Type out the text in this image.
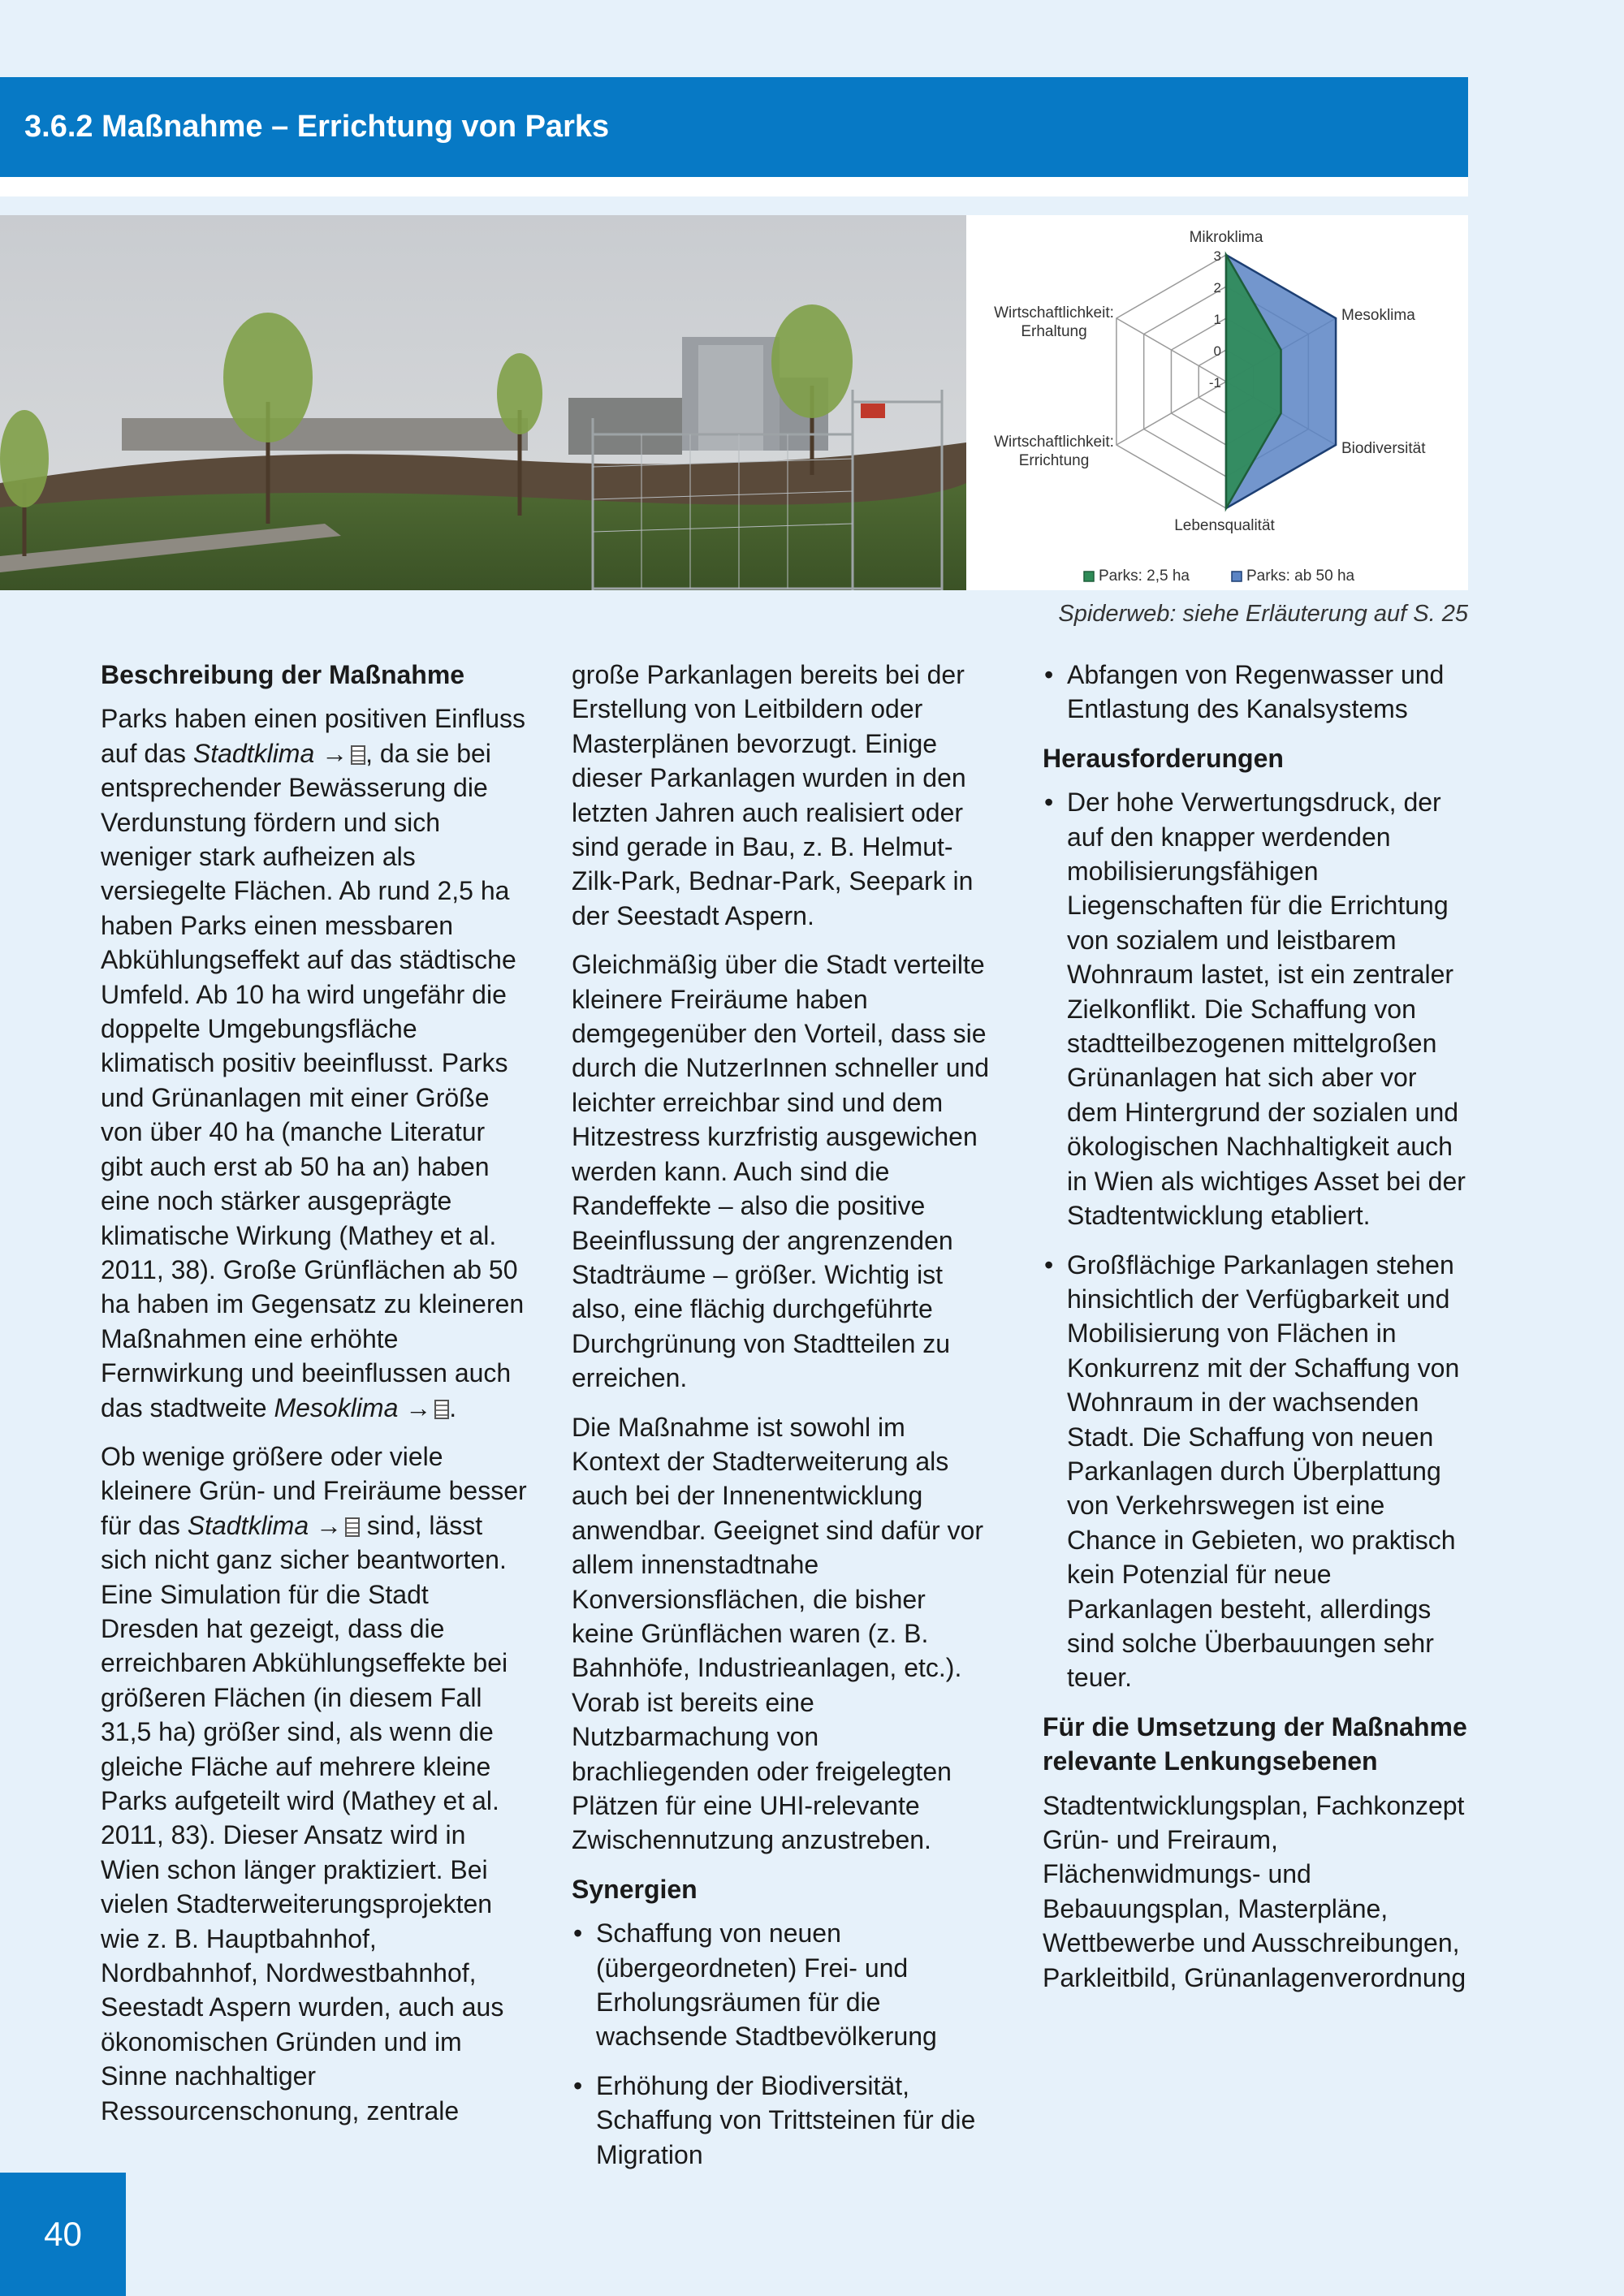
3.6.2 Maßnahme – Errichtung von Parks
3
2
1
0
-1
Mikroklima
Mesoklima
Biodiversität
Lebensqualität
Wirtschaftlichkeit:
Errichtung
Wirtschaftlichkeit:
Erhaltung
Parks: 2,5 ha	Parks: ab 50 ha
Spiderweb: siehe Erläuterung auf S. 25
Beschreibung der Maßnahme

Parks haben einen positiven Einfluss auf das Stadtklima → , da sie bei entsprechender Bewässerung die Verdunstung fördern und sich weniger stark aufheizen als versiegelte Flächen. Ab rund 2,5 ha haben Parks einen messbaren Abkühlungseffekt auf das städtische Umfeld. Ab 10 ha wird ungefähr die doppelte Umgebungsfläche klimatisch positiv beeinflusst. Parks und Grünanlagen mit einer Größe von über 40 ha (manche Literatur gibt auch erst ab 50 ha an) haben eine noch stärker ausgeprägte klimatische Wirkung (Mathey et al. 2011, 38). Große Grünflächen ab 50 ha haben im Gegensatz zu kleineren Maßnahmen eine erhöhte Fernwirkung und beeinflussen auch das stadtweite Mesoklima → .

Ob wenige größere oder viele kleinere Grün- und Freiräume besser für das Stadtklima → sind, lässt sich nicht ganz sicher beantworten. Eine Simulation für die Stadt Dresden hat gezeigt, dass die erreichbaren Abkühlungseffekte bei größeren Flächen (in diesem Fall 31,5 ha) größer sind, als wenn die gleiche Fläche auf mehrere kleine Parks aufgeteilt wird (Mathey et al. 2011, 83). Dieser Ansatz wird in Wien schon länger praktiziert. Bei vielen Stadterweiterungsprojekten wie z. B. Hauptbahnhof, Nordbahnhof, Nordwestbahnhof, Seestadt Aspern wurden, auch aus ökonomischen Gründen und im Sinne nachhaltiger Ressourcenschonung, zentrale

große Parkanlagen bereits bei der Erstellung von Leitbildern oder Masterplänen bevorzugt. Einige dieser Parkanlagen wurden in den letzten Jahren auch realisiert oder sind gerade in Bau, z. B. Helmut-Zilk-Park, Bednar-Park, Seepark in der Seestadt Aspern.

Gleichmäßig über die Stadt verteilte kleinere Freiräume haben demgegenüber den Vorteil, dass sie durch die NutzerInnen schneller und leichter erreichbar sind und dem Hitzestress kurzfristig ausgewichen werden kann. Auch sind die Randeffekte – also die positive Beeinflussung der angrenzenden Stadträume – größer. Wichtig ist also, eine flächig durchgeführte Durchgrünung von Stadtteilen zu erreichen.

Die Maßnahme ist sowohl im Kontext der Stadterweiterung als auch bei der Innenentwicklung anwendbar. Geeignet sind dafür vor allem innenstadtnahe Konversionsflächen, die bisher keine Grünflächen waren (z. B. Bahnhöfe, Industrieanlagen, etc.). Vorab ist bereits eine Nutzbarmachung von brachliegenden oder freigelegten Plätzen für eine UHI-relevante Zwischennutzung anzustreben.

Synergien
• Schaffung von neuen (übergeordneten) Frei- und Erholungsräumen für die wachsende Stadtbevölkerung
• Erhöhung der Biodiversität, Schaffung von Trittsteinen für die Migration
• Abfangen von Regenwasser und Entlastung des Kanalsystems
Herausforderungen
• Der hohe Verwertungsdruck, der auf den knapper werdenden mobilisierungsfähigen Liegenschaften für die Errichtung von sozialem und leistbarem Wohnraum lastet, ist ein zentraler Zielkonflikt. Die Schaffung von stadtteilbezogenen mittelgroßen Grünanlagen hat sich aber vor dem Hintergrund der sozialen und ökologischen Nachhaltigkeit auch in Wien als wichtiges Asset bei der Stadtentwicklung etabliert.
• Großflächige Parkanlagen stehen hinsichtlich der Verfügbarkeit und Mobilisierung von Flächen in Konkurrenz mit der Schaffung von Wohnraum in der wachsenden Stadt. Die Schaffung von neuen Parkanlagen durch Überplattung von Verkehrswegen ist eine Chance in Gebieten, wo praktisch kein Potenzial für neue Parkanlagen besteht, allerdings sind solche Überbauungen sehr teuer.
Für die Umsetzung der Maßnahme relevante Lenkungsebenen

Stadtentwicklungsplan, Fachkonzept Grün- und Freiraum, Flächenwidmungs- und Bebauungsplan, Masterpläne, Wettbewerbe und Ausschreibungen, Parkleitbild, Grünanlagenverordnung

40
